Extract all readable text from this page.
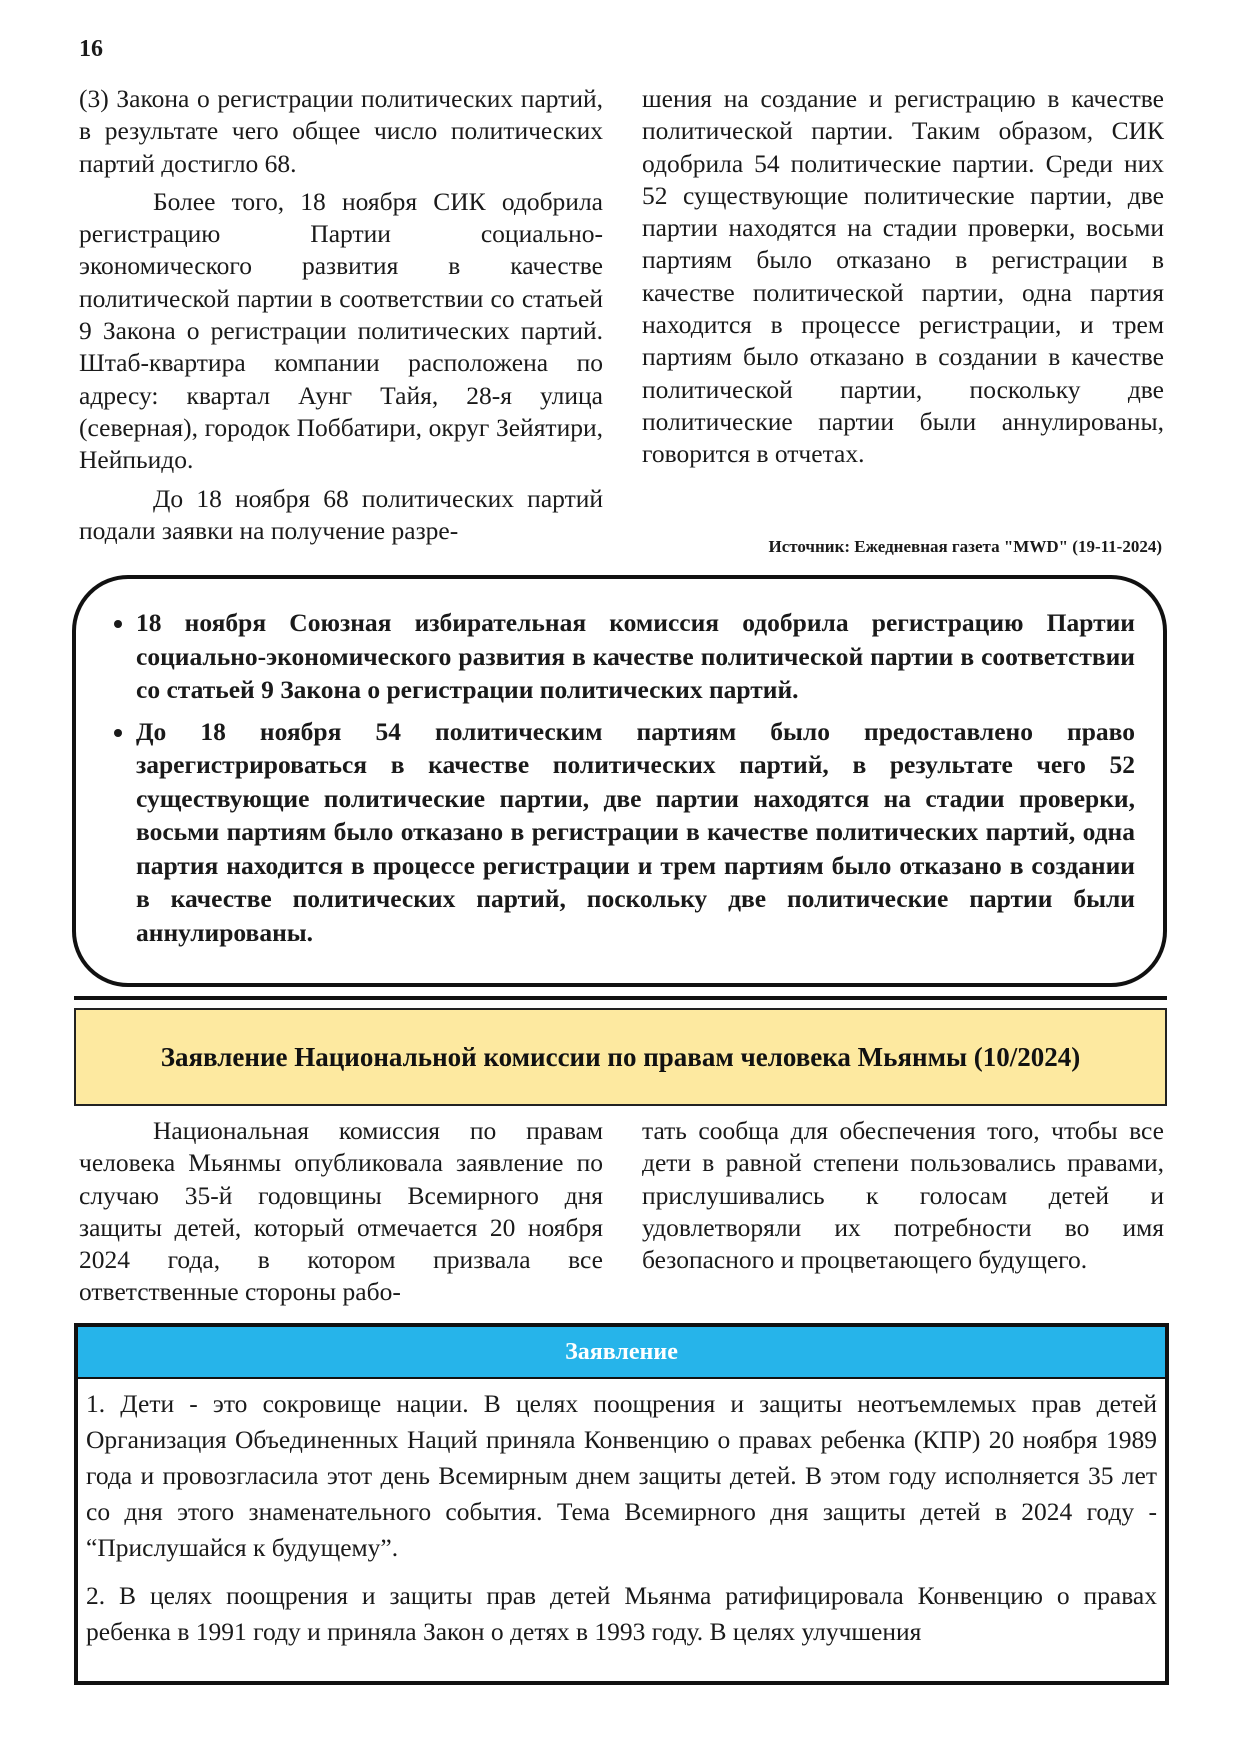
16

(3) Закона о регистрации политических партий, в результате чего общее число политических партий достигло 68.

Более того, 18 ноября СИК одобрила регистрацию Партии социально-экономического развития в качестве политической партии в соответствии со статьей 9 Закона о регистрации политических партий. Штаб-квартира компании расположена по адресу: квартал Аунг Тайя, 28-я улица (северная), городок Поббатири, округ Зейятири, Нейпьидо.

До 18 ноября 68 политических партий подали заявки на получение разре-

шения на создание и регистрацию в качестве политической партии. Таким образом, СИК одобрила 54 политические партии. Среди них 52 существующие политические партии, две партии находятся на стадии проверки, восьми партиям было отказано в регистрации в качестве политической партии, одна партия находится в процессе регистрации, и трем партиям было отказано в создании в качестве политической партии, поскольку две политические партии были аннулированы, говорится в отчетах.

Источник: Ежедневная газета "MWD" (19-11-2024)
• 18 ноября Союзная избирательная комиссия одобрила регистрацию Партии социально-экономического развития в качестве политической партии в соответствии со статьей 9 Закона о регистрации политических партий.
• До 18 ноября 54 политическим партиям было предоставлено право зарегистрироваться в качестве политических партий, в результате чего 52 существующие политические партии, две партии находятся на стадии проверки, восьми партиям было отказано в регистрации в качестве политических партий, одна партия находится в процессе регистрации и трем партиям было отказано в создании в качестве политических партий, поскольку две политические партии были аннулированы.
Заявление Национальной комиссии по правам человека Мьянмы (10/2024)

Национальная комиссия по правам человека Мьянмы опубликовала заявление по случаю 35-й годовщины Всемирного дня защиты детей, который отмечается 20 ноября 2024 года, в котором призвала все ответственные стороны рабо-

тать сообща для обеспечения того, чтобы все дети в равной степени пользовались правами, прислушивались к голосам детей и удовлетворяли их потребности во имя безопасного и процветающего будущего.

Заявление

1. Дети - это сокровище нации. В целях поощрения и защиты неотъемлемых прав детей Организация Объединенных Наций приняла Конвенцию о правах ребенка (КПР) 20 ноября 1989 года и провозгласила этот день Всемирным днем защиты детей. В этом году исполняется 35 лет со дня этого знаменательного события. Тема Всемирного дня защиты детей в 2024 году - “Прислушайся к будущему”.

2. В целях поощрения и защиты прав детей Мьянма ратифицировала Конвенцию о правах ребенка в 1991 году и приняла Закон о детях в 1993 году. В целях улучшения
